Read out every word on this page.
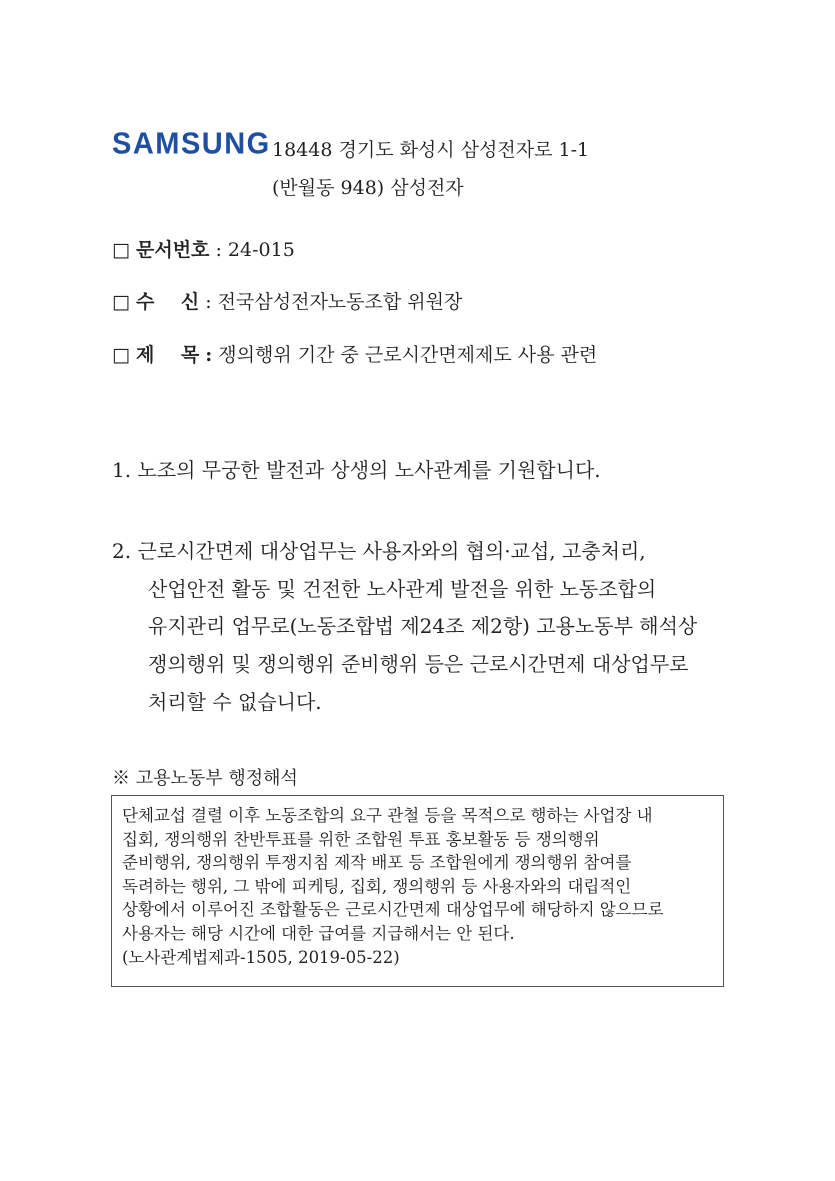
SAMSUNG 18448 경기도 화성시 삼성전자로 1-1
(반월동 948) 삼성전자
□ 문서번호 : 24-015
□ 수    신 : 전국삼성전자노동조합 위원장
□ 제    목 : 쟁의행위 기간 중 근로시간면제제도 사용 관련
1. 노조의 무궁한 발전과 상생의 노사관계를 기원합니다.
2. 근로시간면제 대상업무는 사용자와의 협의·교섭, 고충처리,
산업안전 활동 및 건전한 노사관계 발전을 위한 노동조합의
유지관리 업무로(노동조합법 제24조 제2항) 고용노동부 해석상
쟁의행위 및 쟁의행위 준비행위 등은 근로시간면제 대상업무로
처리할 수 없습니다.
※ 고용노동부 행정해석
단체교섭 결렬 이후 노동조합의 요구 관철 등을 목적으로 행하는 사업장 내
집회, 쟁의행위 찬반투표를 위한 조합원 투표 홍보활동 등 쟁의행위
준비행위, 쟁의행위 투쟁지침 제작 배포 등 조합원에게 쟁의행위 참여를
독려하는 행위, 그 밖에 피케팅, 집회, 쟁의행위 등 사용자와의 대립적인
상황에서 이루어진 조합활동은 근로시간면제 대상업무에 해당하지 않으므로
사용자는 해당 시간에 대한 급여를 지급해서는 안 된다.
(노사관계법제과-1505, 2019-05-22)
